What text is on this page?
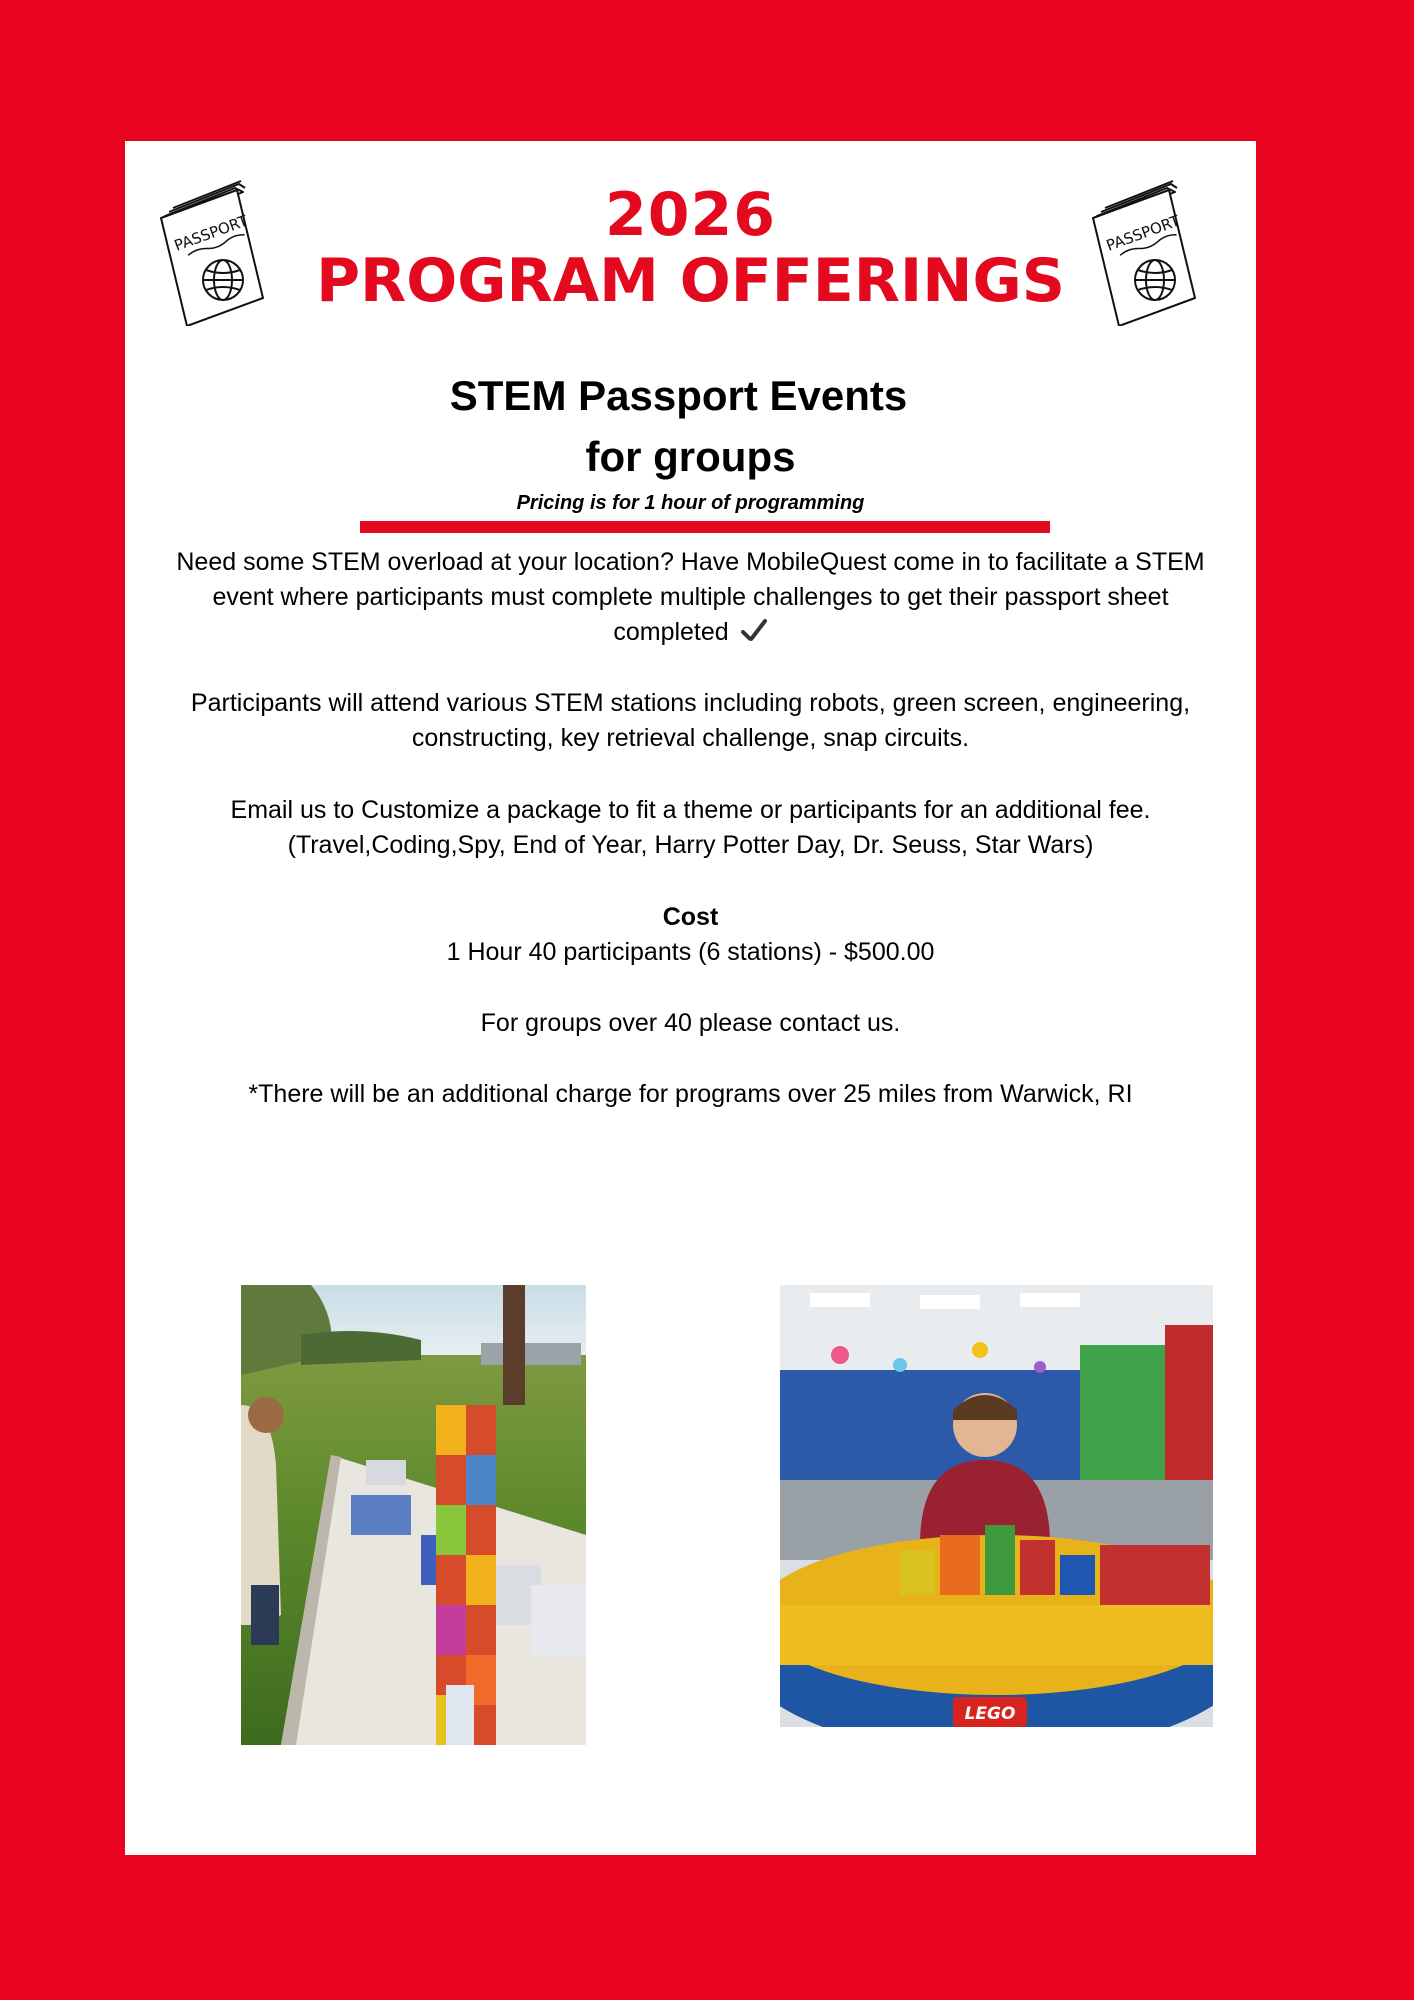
PASSPORT	PASSPORT
2026
PROGRAM OFFERINGS
STEM Passport Events
for groups
Pricing is for 1 hour of programming
Need some STEM overload at your location? Have MobileQuest come in to facilitate a STEM event where participants must complete multiple challenges to get their passport sheet completed
Participants will attend various STEM stations including robots, green screen, engineering, constructing, key retrieval challenge, snap circuits.
Email us to Customize a package to fit a theme or participants for an additional fee.
(Travel,Coding,Spy, End of Year, Harry Potter Day, Dr. Seuss, Star Wars)
Cost
1 Hour 40 participants (6 stations) - $500.00
For groups over 40 please contact us.
*There will be an additional charge for programs over 25 miles from Warwick, RI
LEGO
